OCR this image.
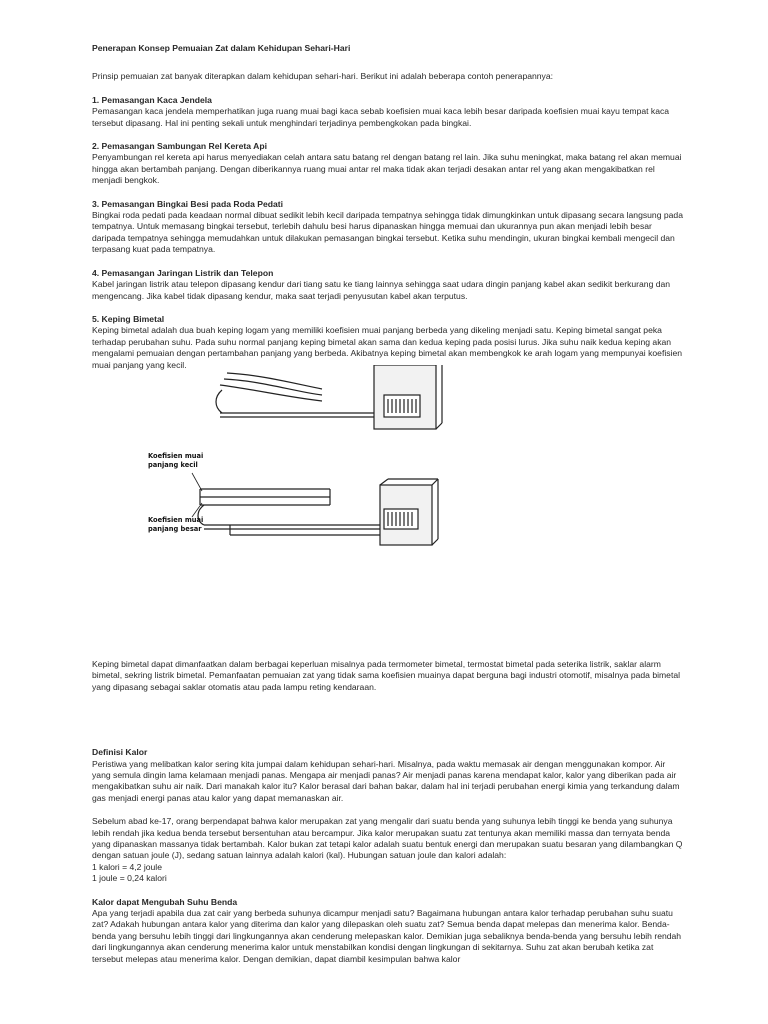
Penerapan Konsep Pemuaian Zat dalam Kehidupan Sehari-Hari

Prinsip pemuaian zat banyak diterapkan dalam kehidupan sehari-hari. Berikut ini adalah beberapa contoh penerapannya:

1. Pemasangan Kaca Jendela
Pemasangan kaca jendela memperhatikan juga ruang muai bagi kaca sebab koefisien muai kaca lebih besar daripada koefisien muai kayu tempat kaca tersebut dipasang. Hal ini penting sekali untuk menghindari terjadinya pembengkokan pada bingkai.

2. Pemasangan Sambungan Rel Kereta Api
Penyambungan rel kereta api harus menyediakan celah antara satu batang rel dengan batang rel lain. Jika suhu meningkat, maka batang rel akan memuai hingga akan bertambah panjang. Dengan diberikannya ruang muai antar rel maka tidak akan terjadi desakan antar rel yang akan mengakibatkan rel menjadi bengkok.

3. Pemasangan Bingkai Besi pada Roda Pedati
Bingkai roda pedati pada keadaan normal dibuat sedikit lebih kecil daripada tempatnya sehingga tidak dimungkinkan untuk dipasang secara langsung pada tempatnya. Untuk memasang bingkai tersebut, terlebih dahulu besi harus dipanaskan hingga memuai dan ukurannya pun akan menjadi lebih besar daripada tempatnya sehingga memudahkan untuk dilakukan pemasangan bingkai tersebut. Ketika suhu mendingin, ukuran bingkai kembali mengecil dan terpasang kuat pada tempatnya.

4. Pemasangan Jaringan Listrik dan Telepon
Kabel jaringan listrik atau telepon dipasang kendur dari tiang satu ke tiang lainnya sehingga saat udara dingin panjang kabel akan sedikit berkurang dan mengencang. Jika kabel tidak dipasang kendur, maka saat terjadi penyusutan kabel akan terputus.

5. Keping Bimetal
Keping bimetal adalah dua buah keping logam yang memiliki koefisien muai panjang berbeda yang dikeling menjadi satu. Keping bimetal sangat peka terhadap perubahan suhu. Pada suhu normal panjang keping bimetal akan sama dan kedua keping pada posisi lurus. Jika suhu naik kedua keping akan mengalami pemuaian dengan pertambahan panjang yang berbeda. Akibatnya keping bimetal akan membengkok ke arah logam yang mempunyai koefisien muai panjang yang kecil.

Koefisien muai panjang kecil
Koefisien muai panjang besar

Keping bimetal dapat dimanfaatkan dalam berbagai keperluan misalnya pada termometer bimetal, termostat bimetal pada seterika listrik, saklar alarm bimetal, sekring listrik bimetal. Pemanfaatan pemuaian zat yang tidak sama koefisien muainya dapat berguna bagi industri otomotif, misalnya pada bimetal yang dipasang sebagai saklar otomatis atau pada lampu reting kendaraan.

Definisi Kalor
Peristiwa yang melibatkan kalor sering kita jumpai dalam kehidupan sehari-hari. Misalnya, pada waktu memasak air dengan menggunakan kompor. Air yang semula dingin lama kelamaan menjadi panas. Mengapa air menjadi panas? Air menjadi panas karena mendapat kalor, kalor yang diberikan pada air mengakibatkan suhu air naik. Dari manakah kalor itu? Kalor berasal dari bahan bakar, dalam hal ini terjadi perubahan energi kimia yang terkandung dalam gas menjadi energi panas atau kalor yang dapat memanaskan air.

Sebelum abad ke-17, orang berpendapat bahwa kalor merupakan zat yang mengalir dari suatu benda yang suhunya lebih tinggi ke benda yang suhunya lebih rendah jika kedua benda tersebut bersentuhan atau bercampur. Jika kalor merupakan suatu zat tentunya akan memiliki massa dan ternyata benda yang dipanaskan massanya tidak bertambah. Kalor bukan zat tetapi kalor adalah suatu bentuk energi dan merupakan suatu besaran yang dilambangkan Q dengan satuan joule (J), sedang satuan lainnya adalah kalori (kal). Hubungan satuan joule dan kalori adalah:
1 kalori = 4,2 joule
1 joule = 0,24 kalori

Kalor dapat Mengubah Suhu Benda
Apa yang terjadi apabila dua zat cair yang berbeda suhunya dicampur menjadi satu? Bagaimana hubungan antara kalor terhadap perubahan suhu suatu zat? Adakah hubungan antara kalor yang diterima dan kalor yang dilepaskan oleh suatu zat? Semua benda dapat melepas dan menerima kalor. Benda-benda yang bersuhu lebih tinggi dari lingkungannya akan cenderung melepaskan kalor. Demikian juga sebaliknya benda-benda yang bersuhu lebih rendah dari lingkungannya akan cenderung menerima kalor untuk menstabilkan kondisi dengan lingkungan di sekitarnya. Suhu zat akan berubah ketika zat tersebut melepas atau menerima kalor. Dengan demikian, dapat diambil kesimpulan bahwa kalor
